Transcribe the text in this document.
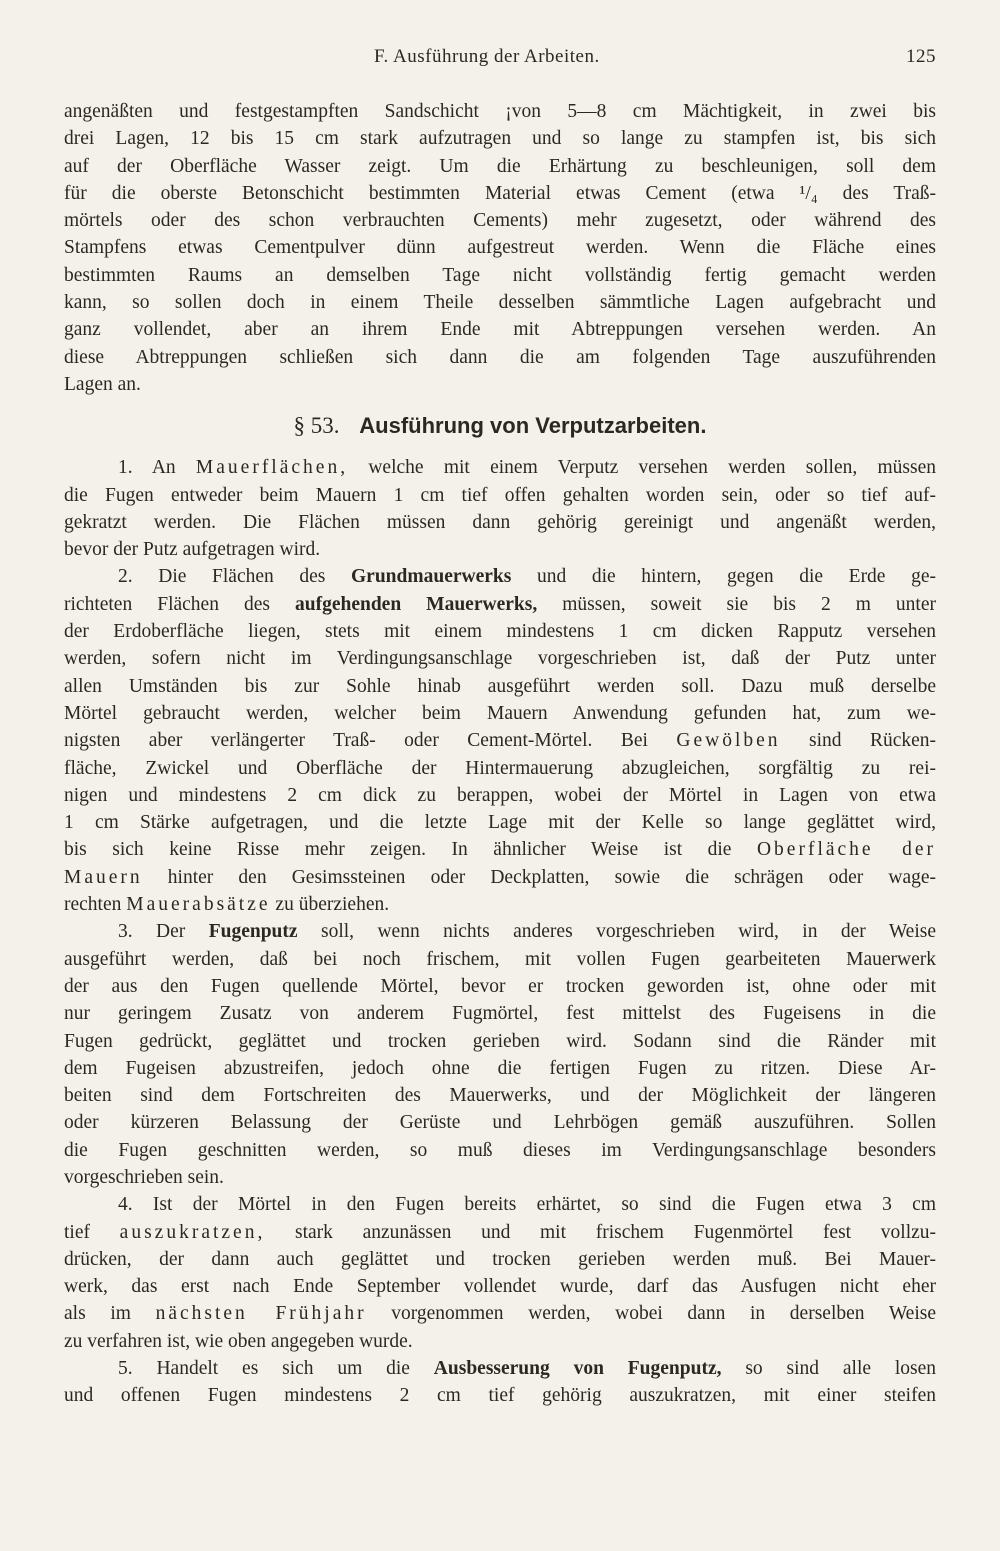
F. Ausführung der Arbeiten.	125
angenäßten und festgestampften Sandschicht ¡von 5—8 cm Mächtigkeit, in zwei bis
drei Lagen, 12 bis 15 cm stark aufzutragen und so lange zu stampfen ist, bis sich
auf der Oberfläche Wasser zeigt. Um die Erhärtung zu beschleunigen, soll dem
für die oberste Betonschicht bestimmten Material etwas Cement (etwa ¹/₄ des Traß-
mörtels oder des schon verbrauchten Cements) mehr zugesetzt, oder während des
Stampfens etwas Cementpulver dünn aufgestreut werden. Wenn die Fläche eines
bestimmten Raums an demselben Tage nicht vollständig fertig gemacht werden
kann, so sollen doch in einem Theile desselben sämmtliche Lagen aufgebracht und
ganz vollendet, aber an ihrem Ende mit Abtreppungen versehen werden. An
diese Abtreppungen schließen sich dann die am folgenden Tage auszuführenden
Lagen an.
§ 53. Ausführung von Verputzarbeiten.
1. An Mauerflächen, welche mit einem Verputz versehen werden sollen, müssen
die Fugen entweder beim Mauern 1 cm tief offen gehalten worden sein, oder so tief auf-
gekratzt werden. Die Flächen müssen dann gehörig gereinigt und angenäßt werden,
bevor der Putz aufgetragen wird.
2. Die Flächen des Grundmauerwerks und die hintern, gegen die Erde ge-
richteten Flächen des aufgehenden Mauerwerks, müssen, soweit sie bis 2 m unter
der Erdoberfläche liegen, stets mit einem mindestens 1 cm dicken Rapputz versehen
werden, sofern nicht im Verdingungsanschlage vorgeschrieben ist, daß der Putz unter
allen Umständen bis zur Sohle hinab ausgeführt werden soll. Dazu muß derselbe
Mörtel gebraucht werden, welcher beim Mauern Anwendung gefunden hat, zum we-
nigsten aber verlängerter Traß- oder Cement-Mörtel. Bei Gewölben sind Rücken-
fläche, Zwickel und Oberfläche der Hintermauerung abzugleichen, sorgfältig zu rei-
nigen und mindestens 2 cm dick zu berappen, wobei der Mörtel in Lagen von etwa
1 cm Stärke aufgetragen, und die letzte Lage mit der Kelle so lange geglättet wird,
bis sich keine Risse mehr zeigen. In ähnlicher Weise ist die Oberfläche der
Mauern hinter den Gesimssteinen oder Deckplatten, sowie die schrägen oder wage-
rechten Mauerabsätze zu überziehen.
3. Der Fugenputz soll, wenn nichts anderes vorgeschrieben wird, in der Weise
ausgeführt werden, daß bei noch frischem, mit vollen Fugen gearbeiteten Mauerwerk
der aus den Fugen quellende Mörtel, bevor er trocken geworden ist, ohne oder mit
nur geringem Zusatz von anderem Fugmörtel, fest mittelst des Fugeisens in die
Fugen gedrückt, geglättet und trocken gerieben wird. Sodann sind die Ränder mit
dem Fugeisen abzustreifen, jedoch ohne die fertigen Fugen zu ritzen. Diese Ar-
beiten sind dem Fortschreiten des Mauerwerks, und der Möglichkeit der längeren
oder kürzeren Belassung der Gerüste und Lehrbögen gemäß auszuführen. Sollen
die Fugen geschnitten werden, so muß dieses im Verdingungsanschlage besonders
vorgeschrieben sein.
4. Ist der Mörtel in den Fugen bereits erhärtet, so sind die Fugen etwa 3 cm
tief auszukratzen, stark anzunässen und mit frischem Fugenmörtel fest vollzu-
drücken, der dann auch geglättet und trocken gerieben werden muß. Bei Mauer-
werk, das erst nach Ende September vollendet wurde, darf das Ausfugen nicht eher
als im nächsten Frühjahr vorgenommen werden, wobei dann in derselben Weise
zu verfahren ist, wie oben angegeben wurde.
5. Handelt es sich um die Ausbesserung von Fugenputz, so sind alle losen
und offenen Fugen mindestens 2 cm tief gehörig auszukratzen, mit einer steifen
